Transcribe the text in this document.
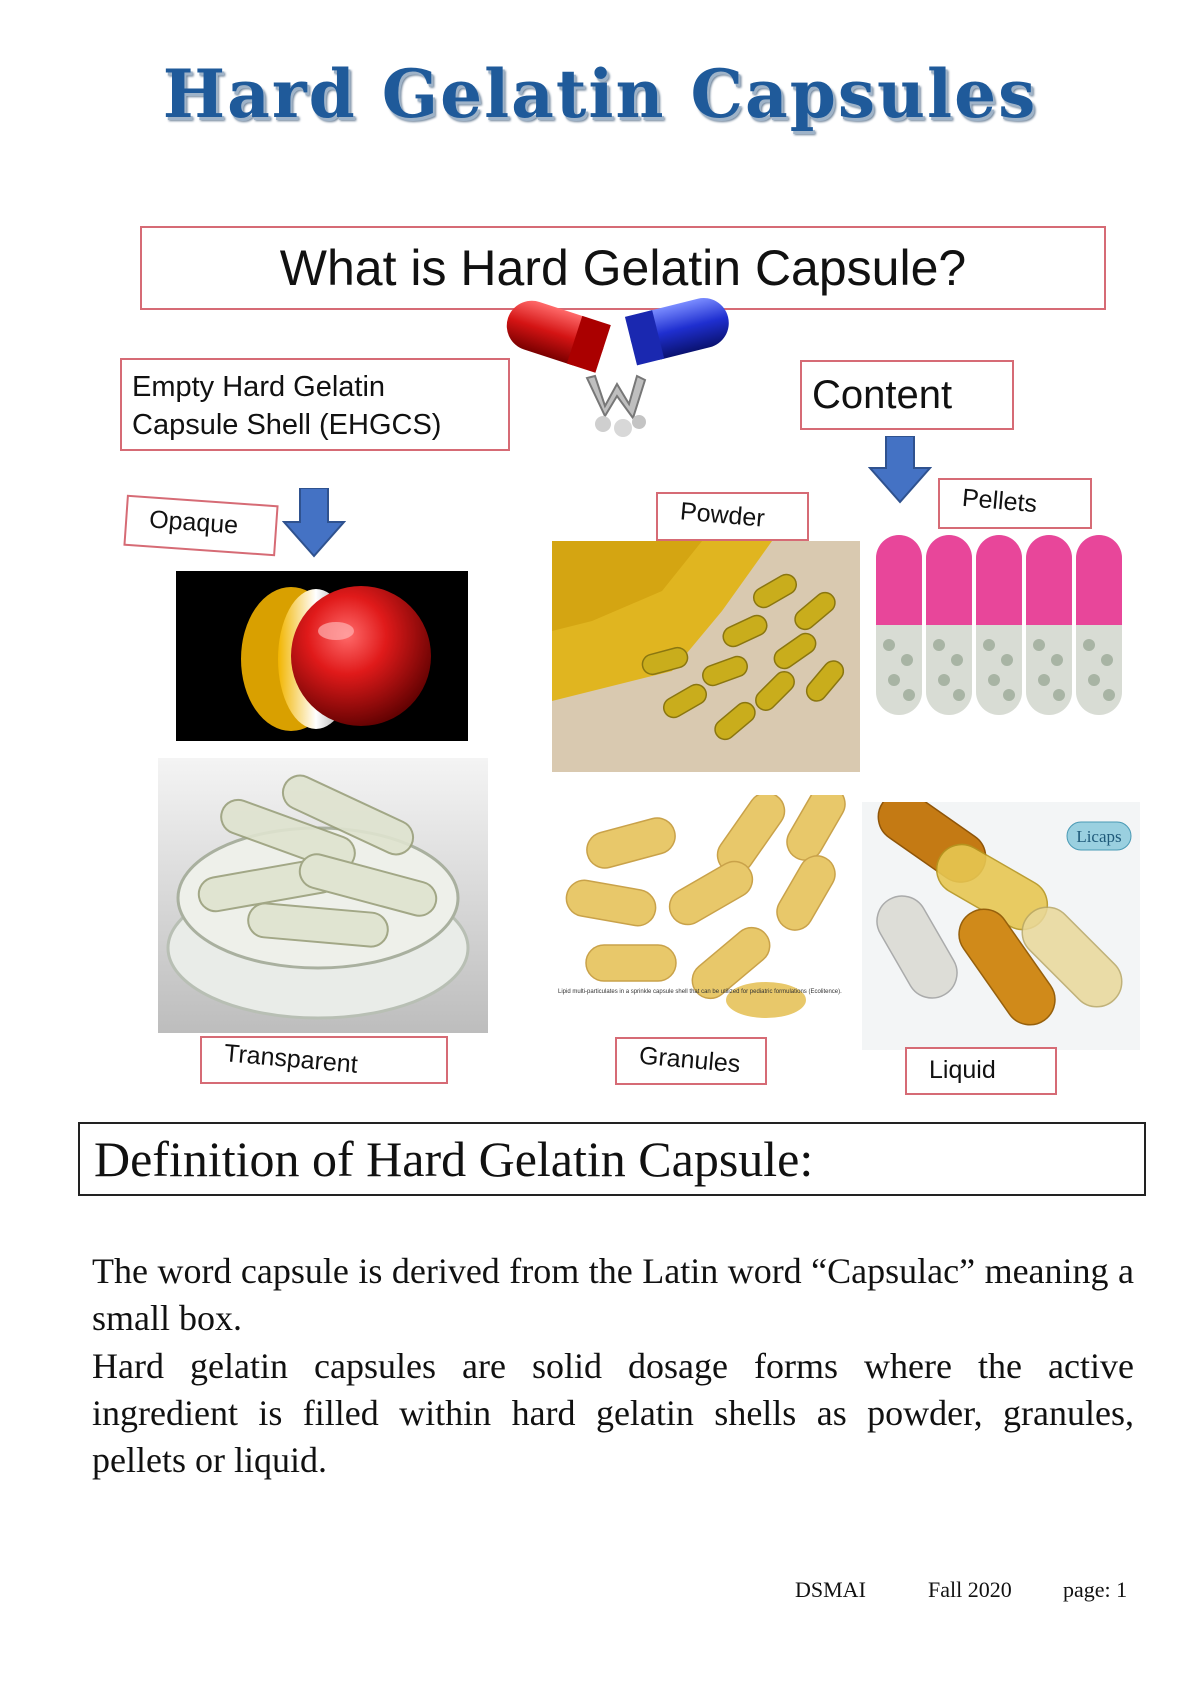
Hard Gelatin Capsules
What is Hard Gelatin Capsule?
Empty Hard Gelatin
Capsule Shell (EHGCS)
Content
Opaque	Powder	Pellets
Lipid multi-particulates in a sprinkle capsule shell that can be utilized for pediatric formulations (Ecolitence).
Licaps
Transparent	Granules	Liquid
Definition of Hard Gelatin Capsule:

The word capsule is derived from the Latin word “Capsulac” meaning a small box.

Hard gelatin capsules are solid dosage forms where the active ingredient is filled within hard gelatin shells as powder, granules, pellets or liquid.

DSMAI	Fall 2020 page: 1
